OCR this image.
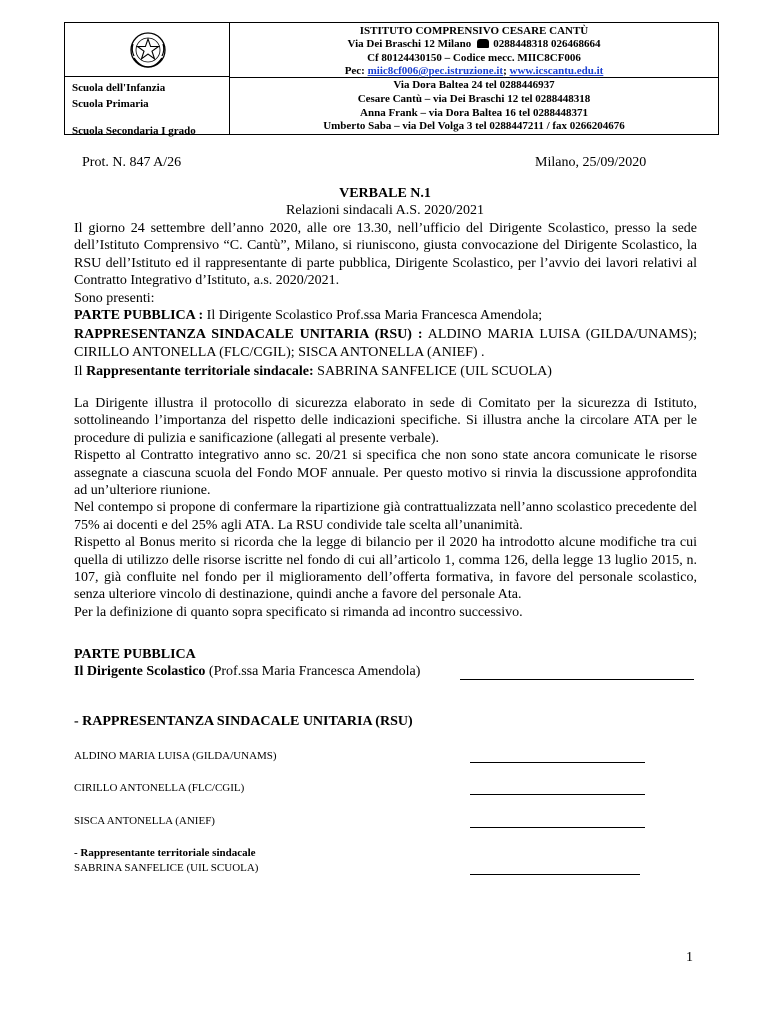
Scuola dell'Infanzia
Scuola Primaria
Scuola Secondaria I grado
ISTITUTO COMPRENSIVO CESARE CANTÙ
Via Dei Braschi 12 Milano 0288448318 026468664
Cf 80124430150 – Codice mecc. MIIC8CF006
Pec: miic8cf006@pec.istruzione.it; www.icscantu.edu.it
Via Dora Baltea 24 tel 0288446937
Cesare Cantù – via Dei Braschi 12 tel 0288448318
Anna Frank – via Dora Baltea 16 tel 0288448371
Umberto Saba – via Del Volga 3 tel 0288447211 / fax 0266204676
Prot. N. 847 A/26	Milano, 25/09/2020
VERBALE N.1
Relazioni sindacali A.S. 2020/2021
Il giorno 24 settembre dell’anno 2020, alle ore 13.30, nell’ufficio del Dirigente Scolastico, presso la sede dell’Istituto Comprensivo “C. Cantù”, Milano, si riuniscono, giusta convocazione del Dirigente Scolastico, la RSU dell’Istituto ed il rappresentante di parte pubblica, Dirigente Scolastico, per l’avvio dei lavori relativi al Contratto Integrativo d’Istituto, a.s. 2020/2021.
Sono presenti:
PARTE PUBBLICA : Il Dirigente Scolastico Prof.ssa Maria Francesca Amendola;
RAPPRESENTANZA SINDACALE UNITARIA (RSU) : ALDINO MARIA LUISA (GILDA/UNAMS); CIRILLO ANTONELLA (FLC/CGIL); SISCA ANTONELLA (ANIEF) .
Il Rappresentante territoriale sindacale: SABRINA SANFELICE (UIL SCUOLA)
La Dirigente illustra il protocollo di sicurezza elaborato in sede di Comitato per la sicurezza di Istituto, sottolineando l’importanza del rispetto delle indicazioni specifiche. Si illustra anche la circolare ATA per le procedure di pulizia e sanificazione (allegati al presente verbale).
Rispetto al Contratto integrativo anno sc. 20/21 si specifica che non sono state ancora comunicate le risorse assegnate a ciascuna scuola del Fondo MOF annuale. Per questo motivo si rinvia la discussione approfondita ad un’ulteriore riunione.
Nel contempo si propone di confermare la ripartizione già contrattualizzata nell’anno scolastico precedente del 75% ai docenti e del 25% agli ATA. La RSU condivide tale scelta all’unanimità.
Rispetto al Bonus merito si ricorda che la legge di bilancio per il 2020 ha introdotto alcune modifiche tra cui quella di utilizzo delle risorse iscritte nel fondo di cui all’articolo 1, comma 126, della legge 13 luglio 2015, n. 107, già confluite nel fondo per il miglioramento dell’offerta formativa, in favore del personale scolastico, senza ulteriore vincolo di destinazione, quindi anche a favore del personale Ata.
Per la definizione di quanto sopra specificato si rimanda ad incontro successivo.
PARTE PUBBLICA
Il Dirigente Scolastico (Prof.ssa Maria Francesca Amendola)
- RAPPRESENTANZA SINDACALE UNITARIA (RSU)
ALDINO MARIA LUISA (GILDA/UNAMS)
CIRILLO ANTONELLA (FLC/CGIL)
SISCA ANTONELLA (ANIEF)
- Rappresentante territoriale sindacale
SABRINA SANFELICE (UIL SCUOLA)
1
